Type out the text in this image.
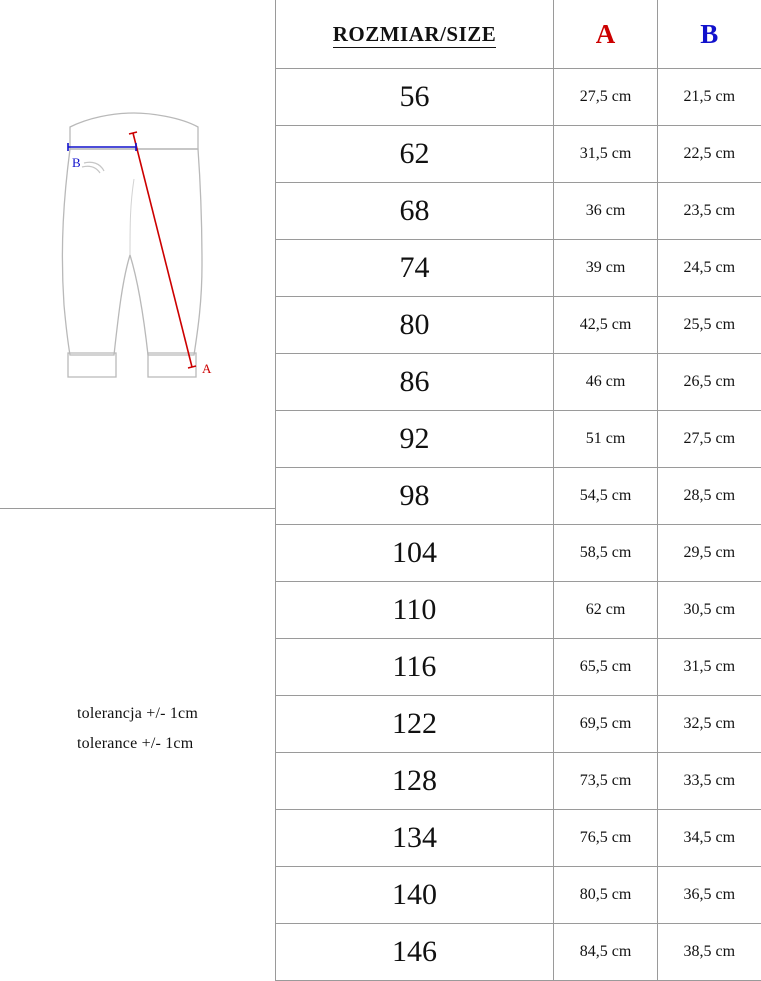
A
B
tolerancja +/- 1cm
tolerance +/- 1cm
ROZMIAR/SIZE	A	B
56	27,5 cm	21,5 cm
62	31,5 cm	22,5 cm
68	36 cm	23,5 cm
74	39 cm	24,5 cm
80	42,5 cm	25,5 cm
86	46 cm	26,5 cm
92	51 cm	27,5 cm
98	54,5 cm	28,5 cm
104	58,5 cm	29,5 cm
110	62 cm	30,5 cm
116	65,5 cm	31,5 cm
122	69,5 cm	32,5 cm
128	73,5 cm	33,5 cm
134	76,5 cm	34,5 cm
140	80,5 cm	36,5 cm
146	84,5 cm	38,5 cm
